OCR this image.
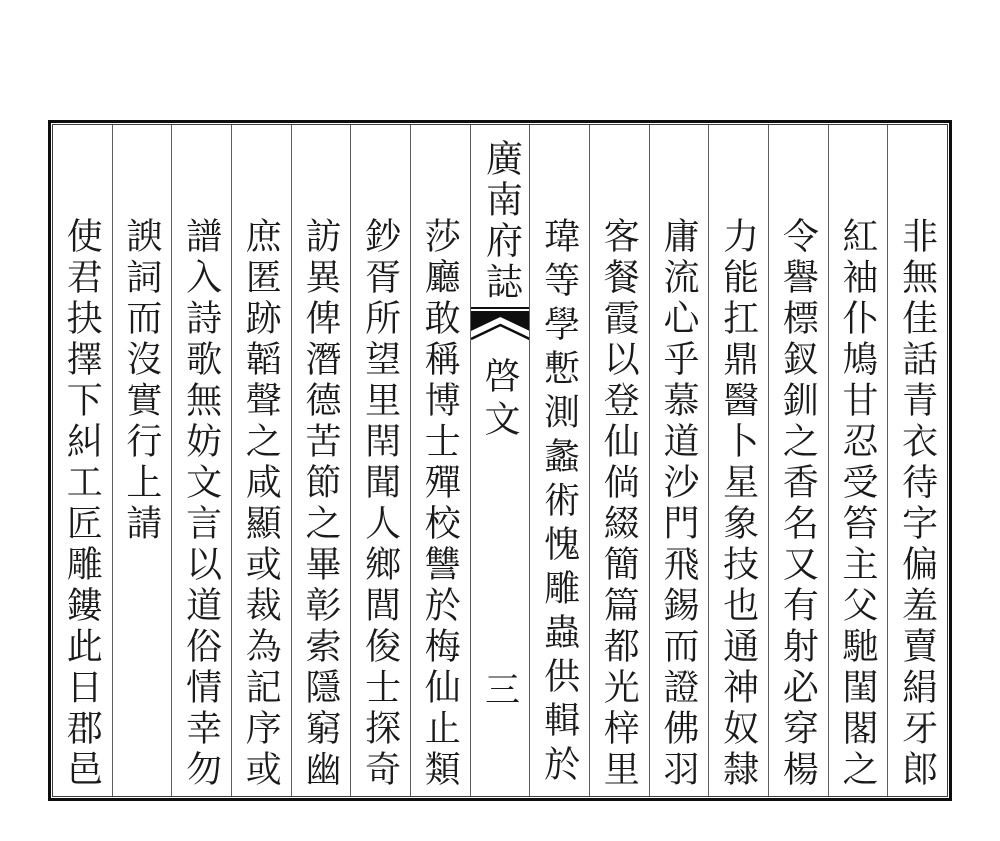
非無佳話青衣待字偏羞賣絹牙郎
紅袖仆鳩甘忍受笞主父馳閨閣之
令譽標釵釧之香名又有射必穿楊
力能扛鼎醫卜星象技也通神奴隸
庸流心乎慕道沙門飛錫而證佛羽
客餐霞以登仙倘綴簡篇都光梓里
瑋等學慙測蠡術愧雕蟲供輯於
廣南府誌
啓文
三
莎廳敢稱博士殫校讐於梅仙止類
鈔胥所望里閈聞人鄉閭俊士探奇
訪異俾潛德苦節之畢彰索隱窮幽
庶匿跡韜聲之咸顯或裁為記序或
譜入詩歌無妨文言以道俗情幸勿
諛詞而沒實行上請
使君抉擇下糾工匠雕鏤此日郡邑
